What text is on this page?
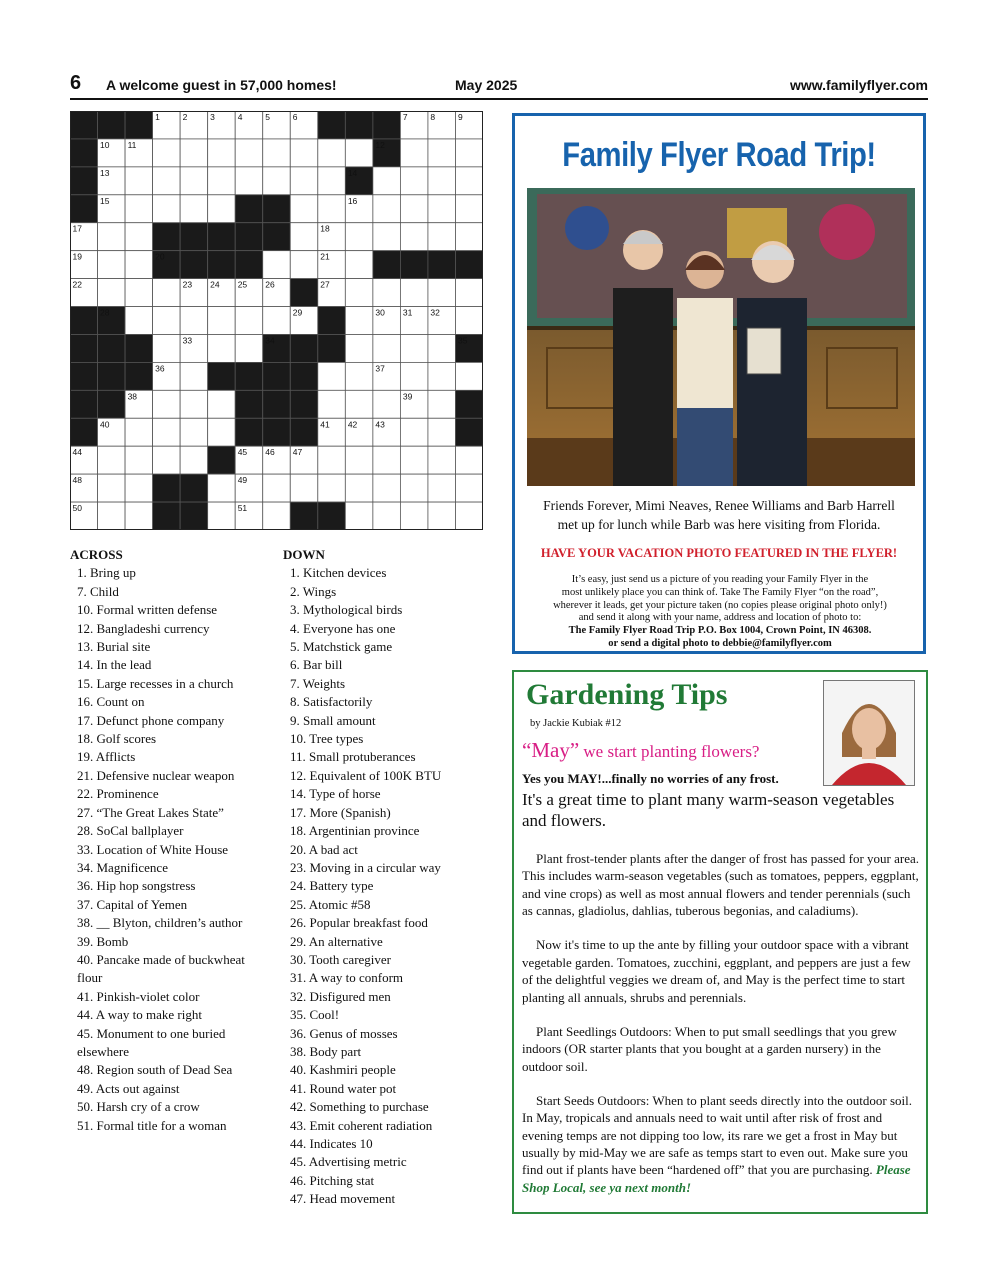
6 A welcome guest in 57,000 homes!	May 2025	www.familyflyer.com
1	2	3	4	5	6	7	8	9
10 11	12
13	14
15	16
17	18
19	20	21
22	23 24 25 26	27
28	29	30 31 32
33	34	35
36	37
38	39
40	41 42 43
44	45 46 47
48	49
50	51
ACROSS
1. Bring up
7. Child
10. Formal written defense
12. Bangladeshi currency
13. Burial site
14. In the lead
15. Large recesses in a church
16. Count on
17. Defunct phone company
18. Golf scores
19. Afflicts
21. Defensive nuclear weapon
22. Prominence
27. “The Great Lakes State”
28. SoCal ballplayer
33. Location of White House
34. Magnificence
36. Hip hop songstress
37. Capital of Yemen
38. __ Blyton, children’s author
39. Bomb
40. Pancake made of buckwheat flour
41. Pinkish-violet color
44. A way to make right
45. Monument to one buried elsewhere
48. Region south of Dead Sea
49. Acts out against
50. Harsh cry of a crow
51. Formal title for a woman
DOWN
1. Kitchen devices
2. Wings
3. Mythological birds
4. Everyone has one
5. Matchstick game
6. Bar bill
7. Weights
8. Satisfactorily
9. Small amount
10. Tree types
11. Small protuberances
12. Equivalent of 100K BTU
14. Type of horse
17. More (Spanish)
18. Argentinian province
20. A bad act
23. Moving in a circular way
24. Battery type
25. Atomic #58
26. Popular breakfast food
29. An alternative
30. Tooth caregiver
31. A way to conform
32. Disfigured men
35. Cool!
36. Genus of mosses
38. Body part
40. Kashmiri people
41. Round water pot
42. Something to purchase
43. Emit coherent radiation
44. Indicates 10
45. Advertising metric
46. Pitching stat
47. Head movement
Family Flyer Road Trip!
Friends Forever, Mimi Neaves, Renee Williams and Barb Harrell
met up for lunch while Barb was here visiting from Florida.
HAVE YOUR VACATION PHOTO FEATURED IN THE FLYER!
It’s easy, just send us a picture of you reading your Family Flyer in the
most unlikely place you can think of. Take The Family Flyer “on the road”,
wherever it leads, get your picture taken (no copies please original photo only!)
and send it along with your name, address and location of photo to:
The Family Flyer Road Trip P.O. Box 1004, Crown Point, IN 46308.
or send a digital photo to debbie@familyflyer.com
Gardening Tips
by Jackie Kubiak #12
“May” we start planting flowers?
Yes you MAY!...finally no worries of any frost.
It's a great time to plant many warm-season vegetables and flowers.

Plant frost-tender plants after the danger of frost has passed for your area. This includes warm-season vegetables (such as tomatoes, peppers, eggplant, and vine crops) as well as most annual flowers and tender perennials (such as cannas, gladiolus, dahlias, tuberous begonias, and caladiums).

Now it's time to up the ante by filling your outdoor space with a vibrant vegetable garden. Tomatoes, zucchini, eggplant, and peppers are just a few of the delightful veggies we dream of, and May is the perfect time to start planting all annuals, shrubs and perennials.

Plant Seedlings Outdoors: When to put small seedlings that you grew indoors (OR starter plants that you bought at a garden nursery) in the outdoor soil.

Start Seeds Outdoors: When to plant seeds directly into the outdoor soil. In May, tropicals and annuals need to wait until after risk of frost and evening temps are not dipping too low, its rare we get a frost in May but usually by mid-May we are safe as temps start to even out. Make sure you find out if plants have been “hardened off” that you are purchasing. Please Shop Local, see ya next month!
